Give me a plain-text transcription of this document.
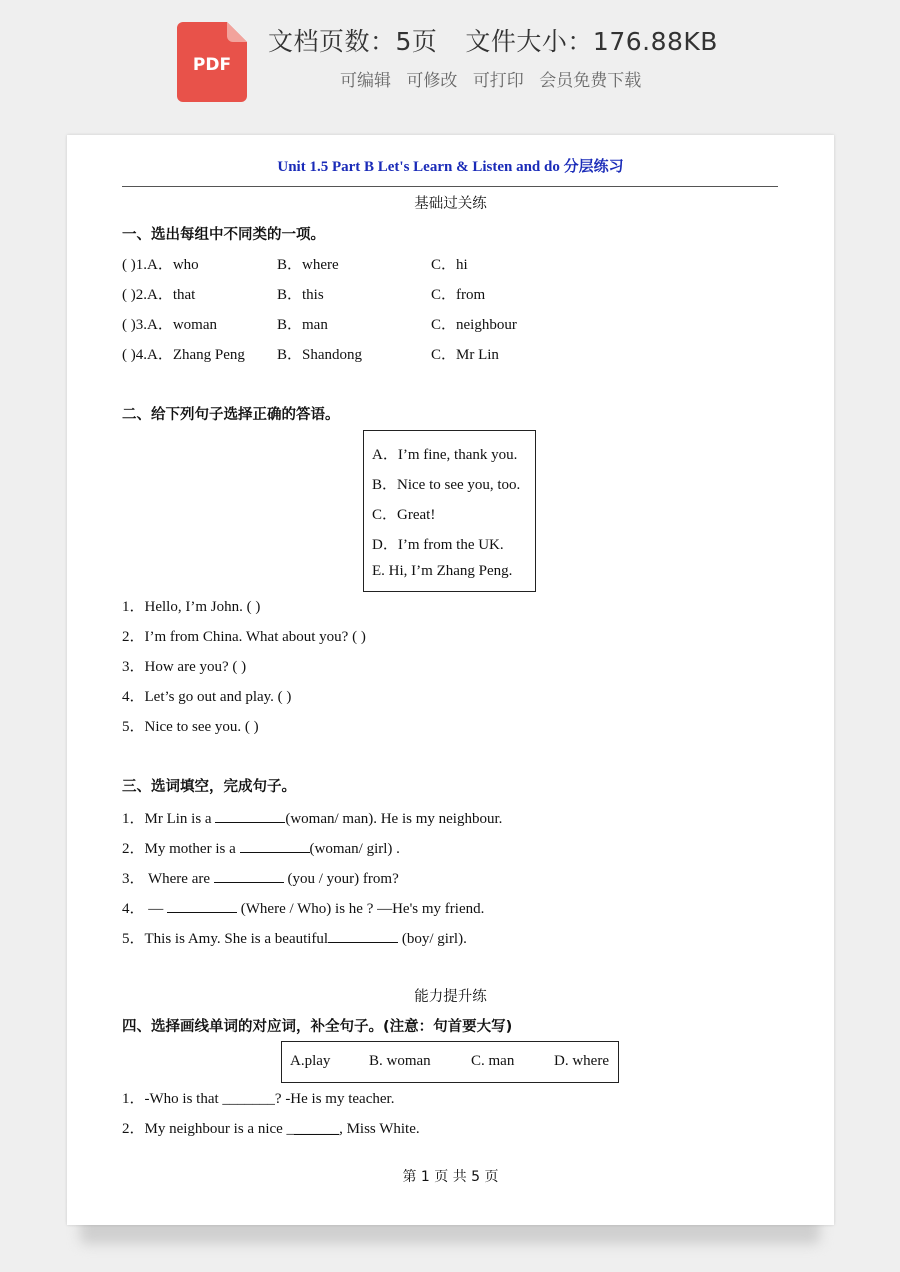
PDF
文档页数：5页 文件大小：176.88KB
可编辑 可修改 可打印 会员免费下载
Unit 1.5 Part B Let's Learn & Listen and do 分层练习
基础过关练
一、选出每组中不同类的一项。
( )1.A．who	B．where	C．hi
( )2.A．that	B．this	C．from
( )3.A．woman	B．man	C．neighbour
( )4.A．Zhang Peng B．Shandong	C．Mr Lin
二、给下列句子选择正确的答语。
A．I’m fine, thank you.
B．Nice to see you, too.
C．Great!
D．I’m from the UK.
E. Hi, I’m Zhang Peng.
1．Hello, I’m John. ( )
2．I’m from China. What about you? ( )
3．How are you? ( )
4．Let’s go out and play. ( )
5．Nice to see you. ( )
三、选词填空，完成句子。
1．Mr Lin is a	(woman/ man). He is my neighbour.
2．My mother is a	(woman/ girl) .
3． Where are	(you / your) from?
4． —	(Where / Who) is he ? —He's my friend.
5．This is Amy. She is a beautiful	(boy/ girl).
能力提升练
四、选择画线单词的对应词，补全句子。(注意：句首要大写)
A.play	B. woman	C. man	D. where
1．-Who is that _______? -He is my teacher.
2．My neighbour is a nice _______, Miss White.
第 1 页 共 5 页
